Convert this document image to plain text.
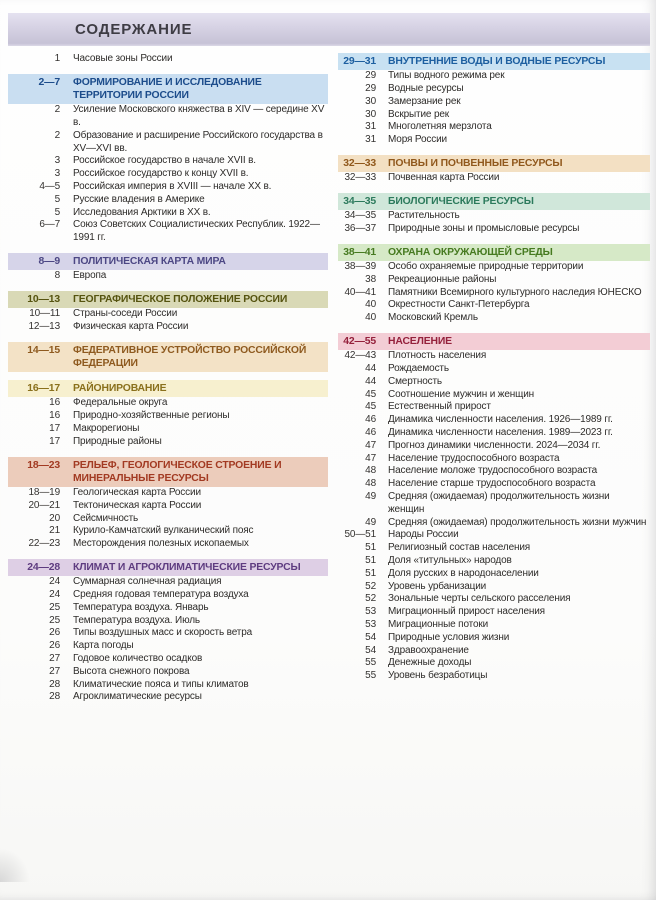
СОДЕРЖАНИЕ
1	Часовые зоны России
2—7	ФОРМИРОВАНИЕ И ИССЛЕДОВАНИЕ ТЕРРИТОРИИ РОССИИ
2	Усиление Московского княжества в XIV — середине XV в.
2	Образование и расширение Российского государства в XV—XVI вв.
3	Российское государство в начале XVII в.
3	Российское государство к концу XVII в.
4—5	Российская империя в XVIII — начале XX в.
5	Русские владения в Америке
5	Исследования Арктики в XX в.
6—7	Союз Советских Социалистических Республик. 1922—1991 гг.
8—9	ПОЛИТИЧЕСКАЯ КАРТА МИРА
8	Европа
10—13	ГЕОГРАФИЧЕСКОЕ ПОЛОЖЕНИЕ РОССИИ
10—11	Страны-соседи России
12—13	Физическая карта России
14—15	ФЕДЕРАТИВНОЕ УСТРОЙСТВО РОССИЙСКОЙ ФЕДЕРАЦИИ
16—17	РАЙОНИРОВАНИЕ
16	Федеральные округа
16	Природно-хозяйственные регионы
17	Макрорегионы
17	Природные районы
18—23	РЕЛЬЕФ, ГЕОЛОГИЧЕСКОЕ СТРОЕНИЕ И МИНЕРАЛЬНЫЕ РЕСУРСЫ
18—19	Геологическая карта России
20—21	Тектоническая карта России
20	Сейсмичность
21	Курило-Камчатский вулканический пояс
22—23	Месторождения полезных ископаемых
24—28	КЛИМАТ И АГРОКЛИМАТИЧЕСКИЕ РЕСУРСЫ
24	Суммарная солнечная радиация
24	Средняя годовая температура воздуха
25	Температура воздуха. Январь
25	Температура воздуха. Июль
26	Типы воздушных масс и скорость ветра
26	Карта погоды
27	Годовое количество осадков
27	Высота снежного покрова
28	Климатические пояса и типы климатов
28	Агроклиматические ресурсы
29—31	ВНУТРЕННИЕ ВОДЫ И ВОДНЫЕ РЕСУРСЫ
29	Типы водного режима рек
29	Водные ресурсы
30	Замерзание рек
30	Вскрытие рек
31	Многолетняя мерзлота
31	Моря России
32—33	ПОЧВЫ И ПОЧВЕННЫЕ РЕСУРСЫ
32—33	Почвенная карта России
34—35	БИОЛОГИЧЕСКИЕ РЕСУРСЫ
34—35	Растительность
36—37	Природные зоны и промысловые ресурсы
38—41	ОХРАНА ОКРУЖАЮЩЕЙ СРЕДЫ
38—39	Особо охраняемые природные территории
38	Рекреационные районы
40—41	Памятники Всемирного культурного наследия ЮНЕСКО
40	Окрестности Санкт-Петербурга
40	Московский Кремль
42—55	НАСЕЛЕНИЕ
42—43	Плотность населения
44	Рождаемость
44	Смертность
45	Соотношение мужчин и женщин
45	Естественный прирост
46	Динамика численности населения. 1926—1989 гг.
46	Динамика численности населения. 1989—2023 гг.
47	Прогноз динамики численности. 2024—2034 гг.
47	Население трудоспособного возраста
48	Население моложе трудоспособного возраста
48	Население старше трудоспособного возраста
49	Средняя (ожидаемая) продолжительность жизни женщин
49	Средняя (ожидаемая) продолжительность жизни мужчин
50—51	Народы России
51	Религиозный состав населения
51	Доля «титульных» народов
51	Доля русских в народонаселении
52	Уровень урбанизации
52	Зональные черты сельского расселения
53	Миграционный прирост населения
53	Миграционные потоки
54	Природные условия жизни
54	Здравоохранение
55	Денежные доходы
55	Уровень безработицы
